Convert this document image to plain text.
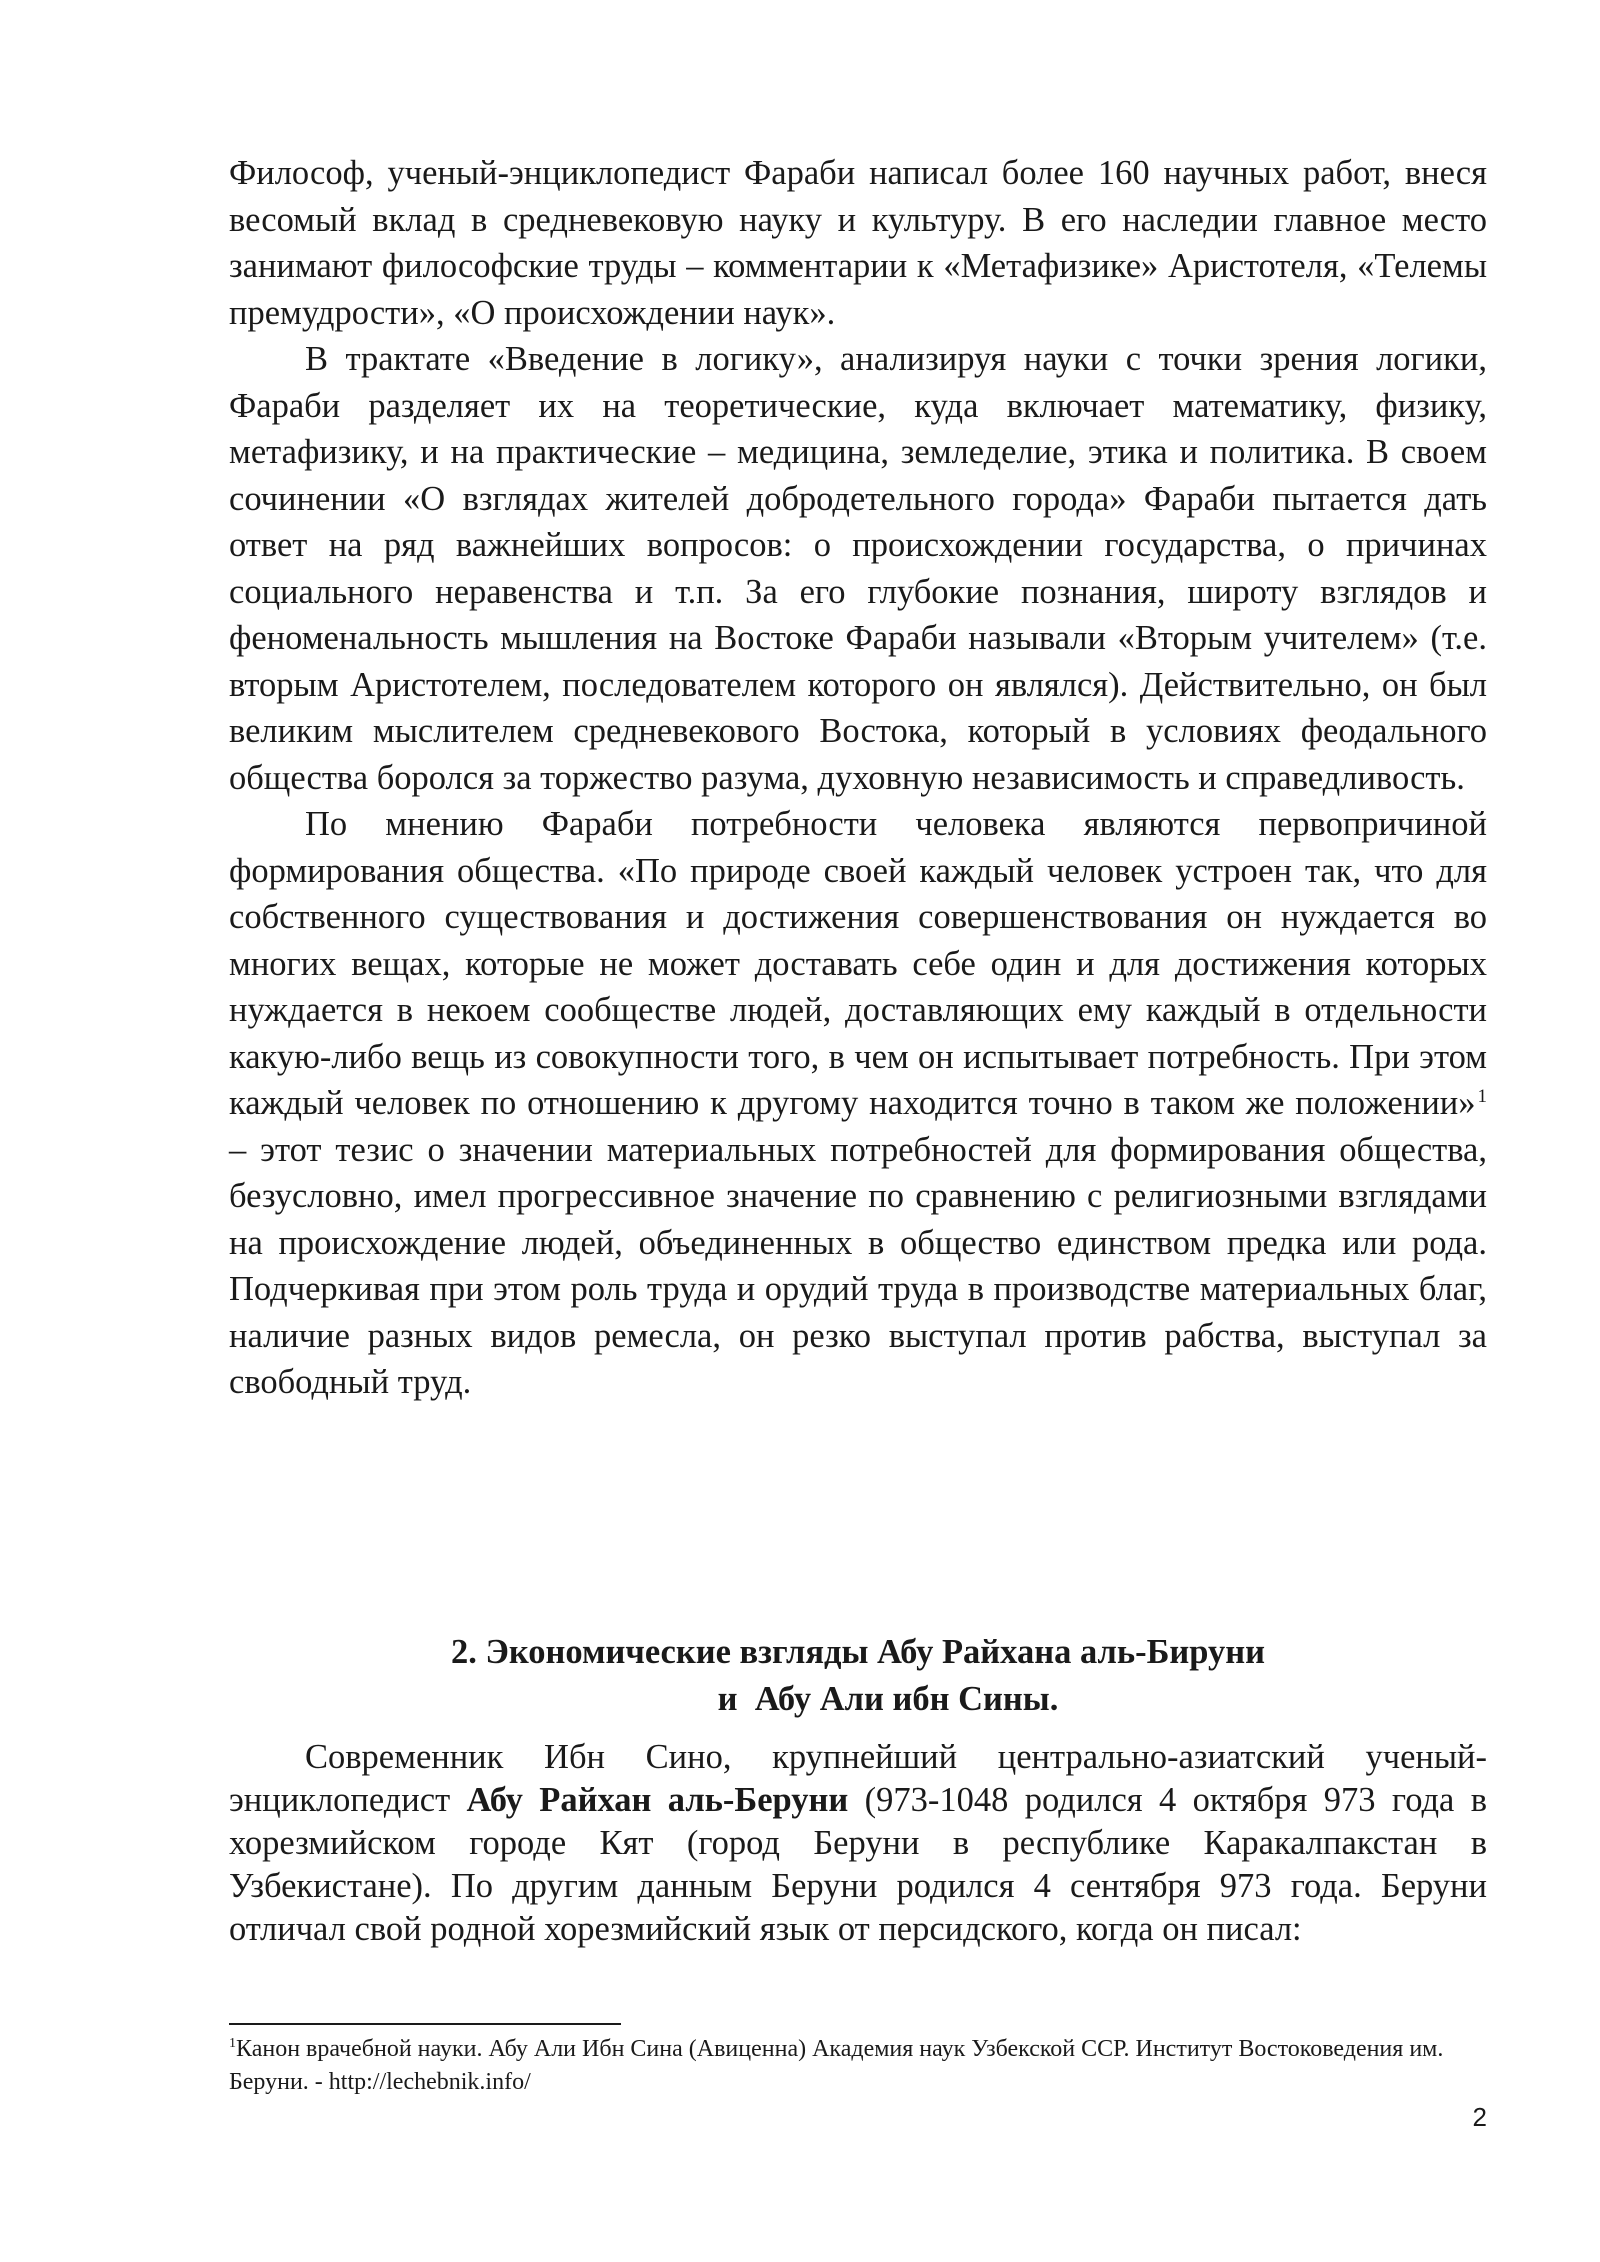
Философ, ученый-энциклопедист Фараби написал более 160 научных работ, внеся весомый вклад в средневековую науку и культуру. В его наследии главное место занимают философские труды – комментарии к «Метафизике» Аристотеля, «Телемы премудрости», «О происхождении наук».

В трактате «Введение в логику», анализируя науки с точки зрения логики, Фараби разделяет их на теоретические, куда включает математику, физику, метафизику, и на практические – медицина, земледелие, этика и политика. В своем сочинении «О взглядах жителей добродетельного города» Фараби пытается дать ответ на ряд важнейших вопросов: о происхождении государства, о причинах социального неравенства и т.п. За его глубокие познания, широту взглядов и феноменальность мышления на Востоке Фараби называли «Вторым учителем» (т.е. вторым Аристотелем, последователем которого он являлся). Действительно, он был великим мыслителем средневекового Востока, который в условиях феодального общества боролся за торжество разума, духовную независимость и справедливость.

По мнению Фараби потребности человека являются первопричиной формирования общества. «По природе своей каждый человек устроен так, что для собственного существования и достижения совершенствования он нуждается во многих вещах, которые не может доставать себе один и для достижения которых нуждается в некоем сообществе людей, доставляющих ему каждый в отдельности какую-либо вещь из совокупности того, в чем он испытывает потребность. При этом каждый человек по отношению к другому находится точно в таком же положении» $^1$ – этот тезис о значении материальных потребностей для формирования общества, безусловно, имел прогрессивное значение по сравнению с религиозными взглядами на происхождение людей, объединенных в общество единством предка или рода. Подчеркивая при этом роль труда и орудий труда в производстве материальных благ, наличие разных видов ремесла, он резко выступал против рабства, выступал за свободный труд.

2. Экономические взгляды Абу Райхана аль-Бируни
и  Абу Али ибн Сины.

Современник Ибн Сино, крупнейший центрально-азиатский ученый-энциклопедист Абу Райхан аль-Беруни (973-1048 родился 4 октября 973 года в хорезмийском городе Кят (город Беруни в республике Каракалпакстан в Узбекистане). По другим данным Беруни родился 4 сентября 973 года. Беруни отличал свой родной хорезмийский язык от персидского, когда он писал:

$^1$Канон врачебной науки. Абу Али Ибн Сина (Авиценна) Академия наук Узбекской ССР. Институт Востоковедения им. Беруни. - http://lechebnik.info/
2
